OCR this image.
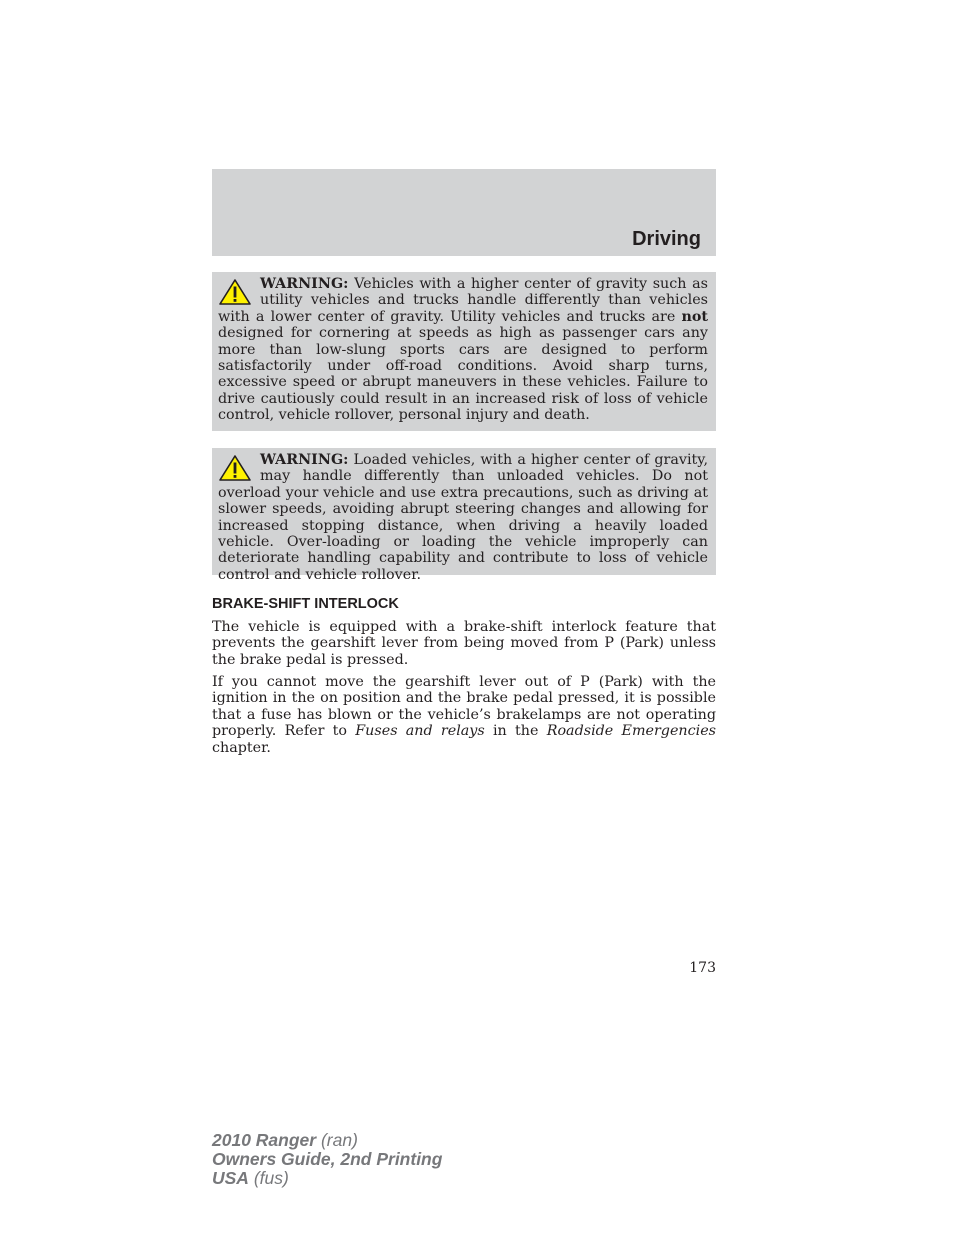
Driving

WARNING: Vehicles with a higher center of gravity such as utility vehicles and trucks handle differently than vehicles with a lower center of gravity. Utility vehicles and trucks are not designed for cornering at speeds as high as passenger cars any more than low-slung sports cars are designed to perform satisfactorily under off-road conditions. Avoid sharp turns, excessive speed or abrupt maneuvers in these vehicles. Failure to drive cautiously could result in an increased risk of loss of vehicle control, vehicle rollover, personal injury and death.

WARNING: Loaded vehicles, with a higher center of gravity, may handle differently than unloaded vehicles. Do not overload your vehicle and use extra precautions, such as driving at slower speeds, avoiding abrupt steering changes and allowing for increased stopping distance, when driving a heavily loaded vehicle. Over-loading or loading the vehicle improperly can deteriorate handling capability and contribute to loss of vehicle control and vehicle rollover.

BRAKE-SHIFT INTERLOCK

The vehicle is equipped with a brake-shift interlock feature that prevents the gearshift lever from being moved from P (Park) unless the brake pedal is pressed.

If you cannot move the gearshift lever out of P (Park) with the ignition in the on position and the brake pedal pressed, it is possible that a fuse has blown or the vehicle’s brakelamps are not operating properly. Refer to Fuses and relays in the Roadside Emergencies chapter.

173
2010 Ranger (ran)
Owners Guide, 2nd Printing
USA (fus)
